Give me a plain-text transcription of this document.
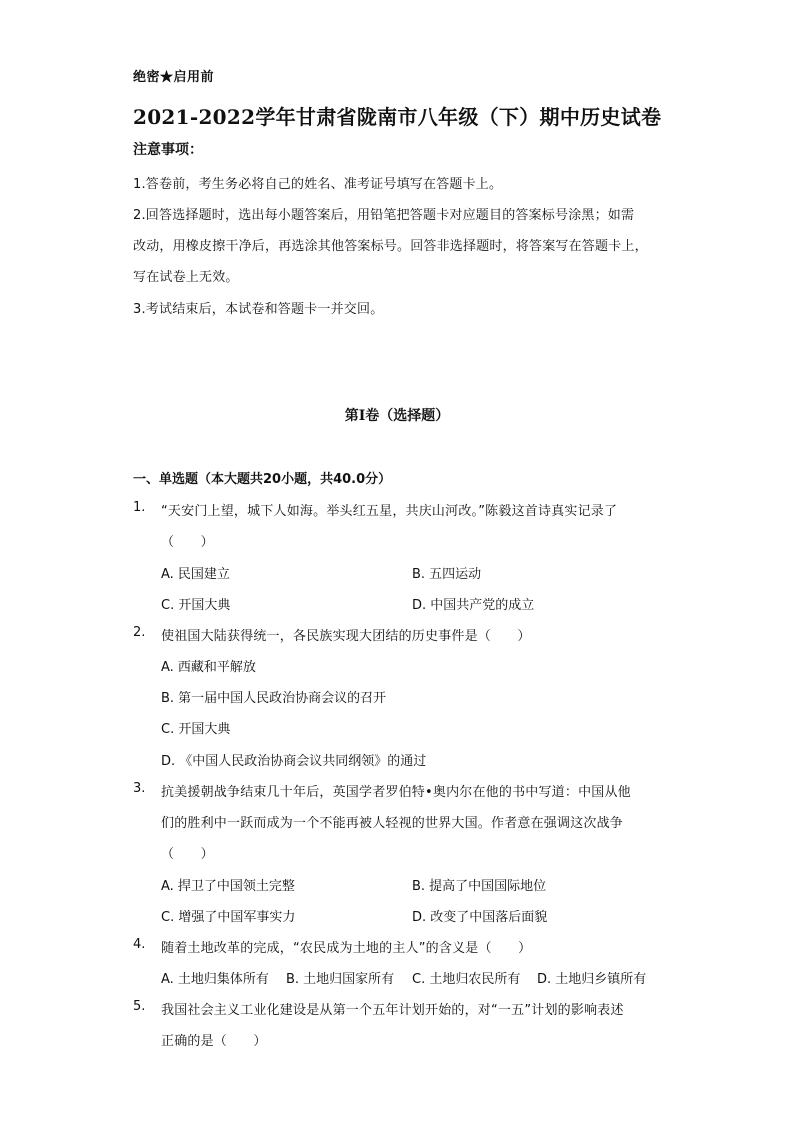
绝密★启用前
2021-2022学年甘肃省陇南市八年级（下）期中历史试卷
注意事项：
1.答卷前，考生务必将自己的姓名、准考证号填写在答题卡上。
2.回答选择题时，选出每小题答案后，用铅笔把答题卡对应题目的答案标号涂黑；如需
改动，用橡皮擦干净后，再选涂其他答案标号。回答非选择题时，将答案写在答题卡上，
写在试卷上无效。
3.考试结束后，本试卷和答题卡一并交回。
第I卷（选择题）
一、单选题（本大题共20小题，共40.0分）
1. “天安门上望，城下人如海。举头红五星，共庆山河改。”陈毅这首诗真实记录了
（　　）
A. 民国建立	B. 五四运动
C. 开国大典	D. 中国共产党的成立
2. 使祖国大陆获得统一，各民族实现大团结的历史事件是（　　）
A. 西藏和平解放
B. 第一届中国人民政治协商会议的召开
C. 开国大典
D. 《中国人民政治协商会议共同纲领》的通过
3. 抗美援朝战争结束几十年后，英国学者罗伯特•奥内尔在他的书中写道：中国从他
们的胜利中一跃而成为一个不能再被人轻视的世界大国。作者意在强调这次战争
（　　）
A. 捍卫了中国领土完整	B. 提高了中国国际地位
C. 增强了中国军事实力	D. 改变了中国落后面貌
4. 随着土地改革的完成，“农民成为土地的主人”的含义是（　　）
A. 土地归集体所有 B. 土地归国家所有 C. 土地归农民所有 D. 土地归乡镇所有
5. 我国社会主义工业化建设是从第一个五年计划开始的，对“一五”计划的影响表述
正确的是（　　）
